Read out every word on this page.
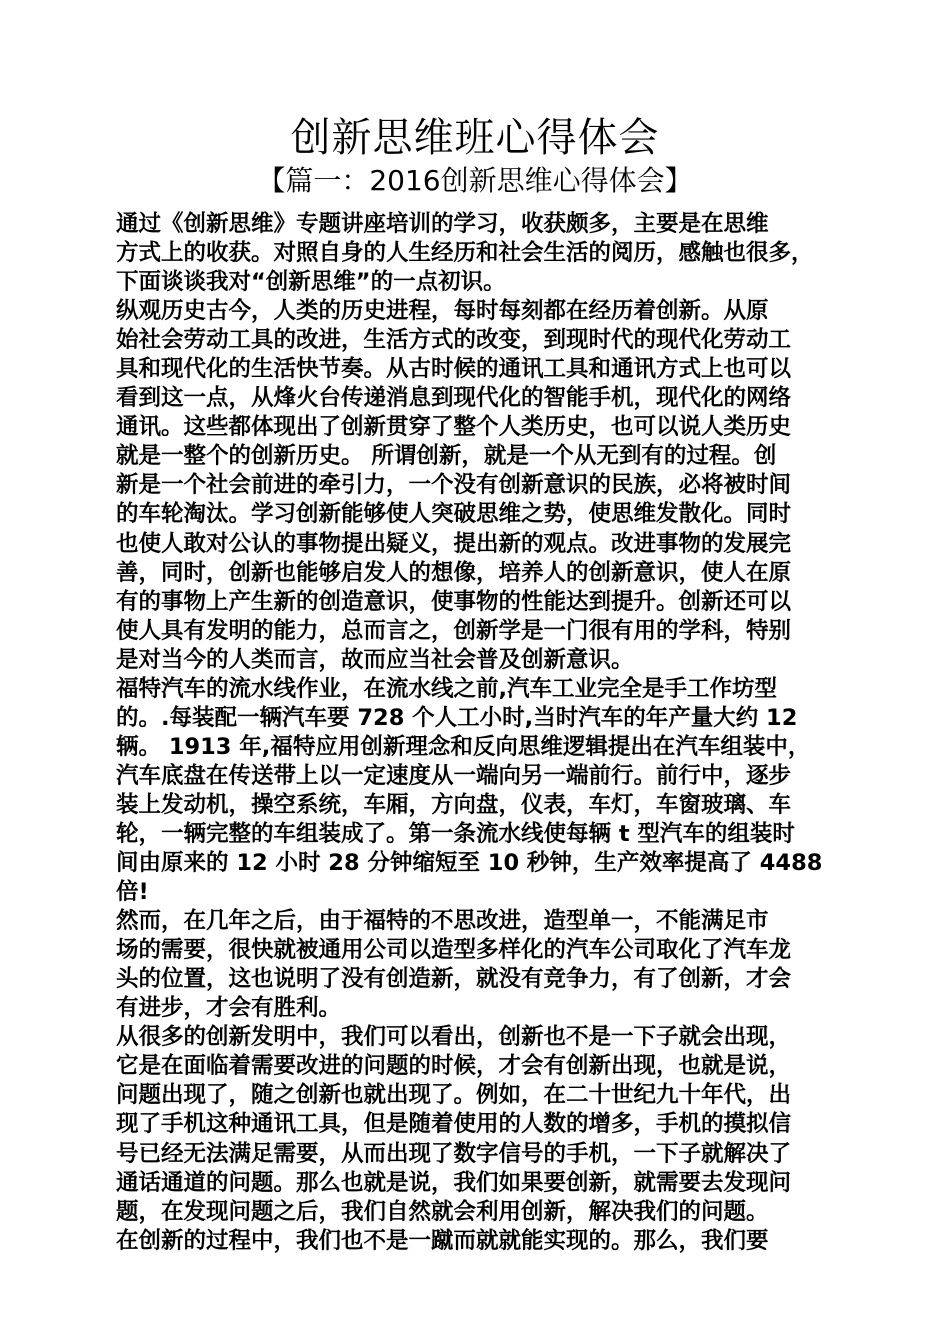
创新思维班心得体会
【篇一：2016创新思维心得体会】
通过《创新思维》专题讲座培训的学习，收获颇多，主要是在思维
方式上的收获。对照自身的人生经历和社会生活的阅历，感触也很多，
下面谈谈我对“创新思维”的一点初识。
纵观历史古今，人类的历史进程，每时每刻都在经历着创新。从原
始社会劳动工具的改进，生活方式的改变，到现时代的现代化劳动工
具和现代化的生活快节奏。从古时候的通讯工具和通讯方式上也可以
看到这一点，从烽火台传递消息到现代化的智能手机，现代化的网络
通讯。这些都体现出了创新贯穿了整个人类历史，也可以说人类历史
就是一整个的创新历史。 所谓创新，就是一个从无到有的过程。创
新是一个社会前进的牵引力，一个没有创新意识的民族，必将被时间
的车轮淘汰。学习创新能够使人突破思维之势，使思维发散化。同时
也使人敢对公认的事物提出疑义，提出新的观点。改进事物的发展完
善，同时，创新也能够启发人的想像，培养人的创新意识，使人在原
有的事物上产生新的创造意识，使事物的性能达到提升。创新还可以
使人具有发明的能力，总而言之，创新学是一门很有用的学科，特别
是对当今的人类而言，故而应当社会普及创新意识。
福特汽车的流水线作业，在流水线之前,汽车工业完全是手工作坊型
的。.每装配一辆汽车要 728 个人工小时,当时汽车的年产量大约 12
辆。 1913 年,福特应用创新理念和反向思维逻辑提出在汽车组装中，
汽车底盘在传送带上以一定速度从一端向另一端前行。前行中，逐步
装上发动机，操空系统，车厢，方向盘，仪表，车灯，车窗玻璃、车
轮，一辆完整的车组装成了。第一条流水线使每辆 t 型汽车的组装时
间由原来的 12 小时 28 分钟缩短至 10 秒钟，生产效率提高了 4488
倍!
然而，在几年之后，由于福特的不思改进，造型单一，不能满足市
场的需要，很快就被通用公司以造型多样化的汽车公司取化了汽车龙
头的位置，这也说明了没有创造新，就没有竞争力，有了创新，才会
有进步，才会有胜利。
从很多的创新发明中，我们可以看出，创新也不是一下子就会出现，
它是在面临着需要改进的问题的时候，才会有创新出现，也就是说，
问题出现了，随之创新也就出现了。例如，在二十世纪九十年代，出
现了手机这种通讯工具，但是随着使用的人数的增多，手机的摸拟信
号已经无法满足需要，从而出现了数字信号的手机，一下子就解决了
通话通道的问题。那么也就是说，我们如果要创新，就需要去发现问
题，在发现问题之后，我们自然就会利用创新，解决我们的问题。
在创新的过程中，我们也不是一蹴而就就能实现的。那么，我们要
